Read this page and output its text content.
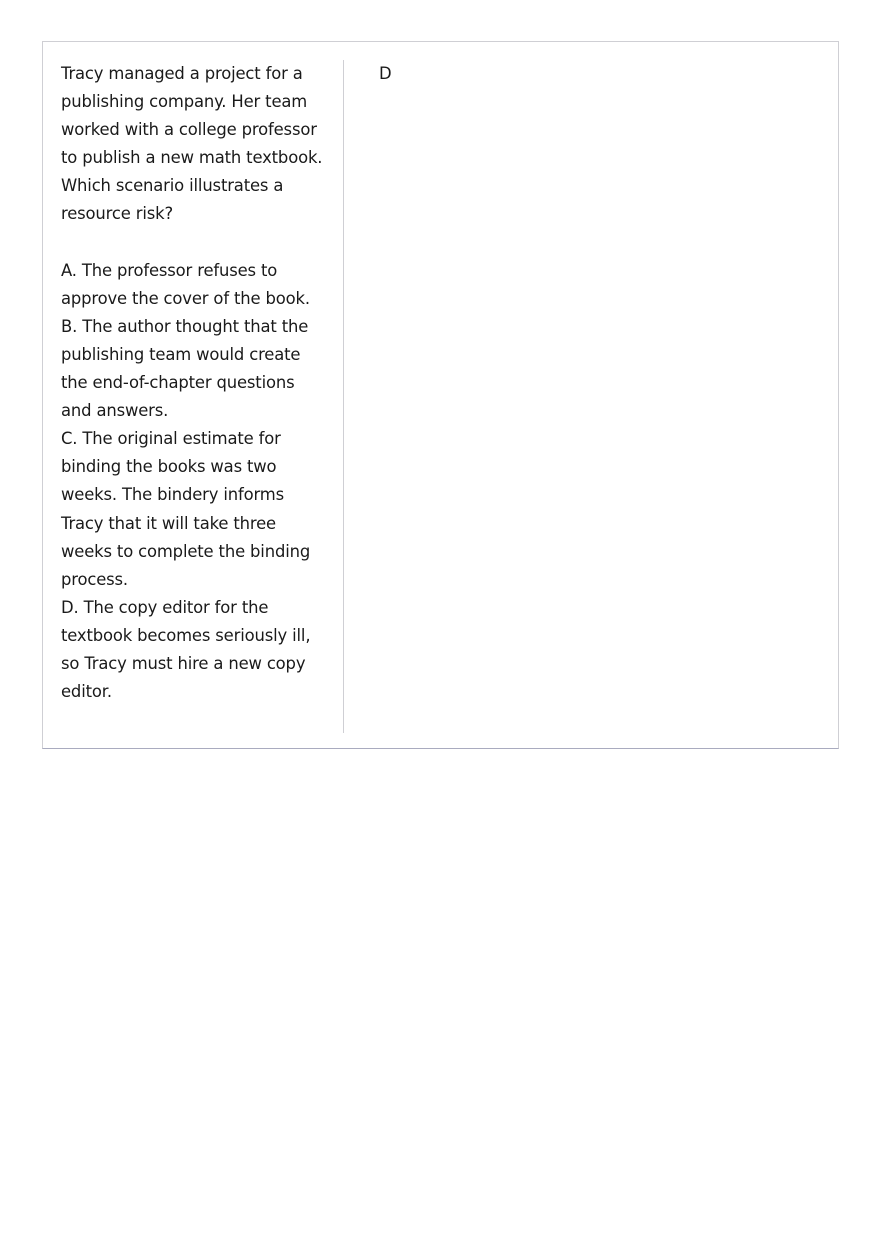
Tracy managed a project for a publishing company. Her team worked with a college professor to publish a new math textbook.

Which scenario illustrates a resource risk?

A. The professor refuses to approve the cover of the book.

B. The author thought that the publishing team would create the end-of-chapter questions and answers.

C. The original estimate for binding the books was two weeks. The bindery informs Tracy that it will take three weeks to complete the binding process.

D. The copy editor for the textbook becomes seriously ill, so Tracy must hire a new copy editor.

D
